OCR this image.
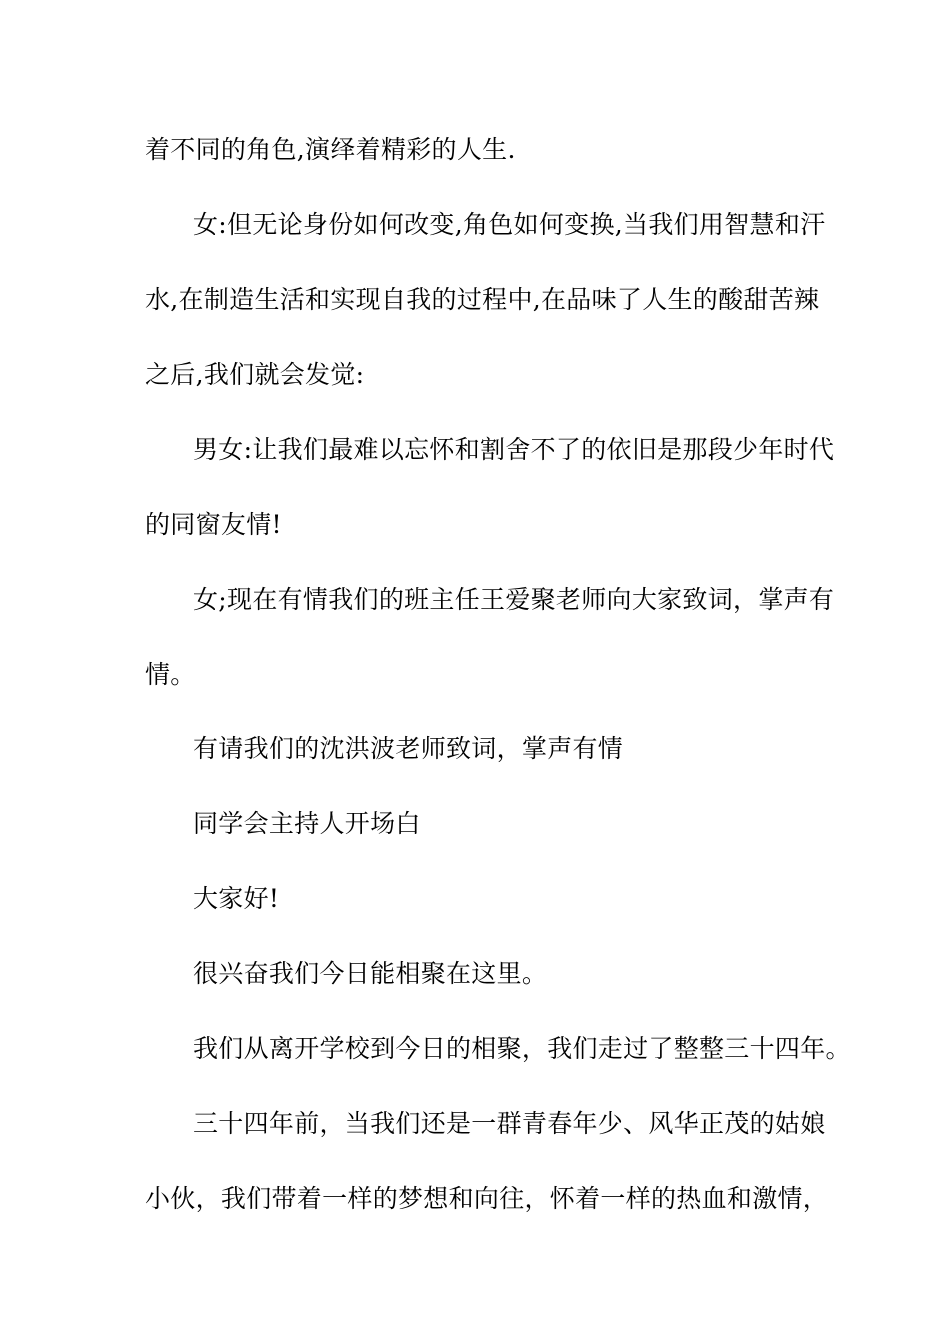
着不同的角色,演绎着精彩的人生.
女:但无论身份如何改变,角色如何变换,当我们用智慧和汗
水,在制造生活和实现自我的过程中,在品味了人生的酸甜苦辣
之后,我们就会发觉:
男女:让我们最难以忘怀和割舍不了的依旧是那段少年时代
的同窗友情!
女;现在有情我们的班主任王爱聚老师向大家致词，掌声有
情。
有请我们的沈洪波老师致词，掌声有情
同学会主持人开场白
大家好!
很兴奋我们今日能相聚在这里。
我们从离开学校到今日的相聚，我们走过了整整三十四年。
三十四年前，当我们还是一群青春年少、风华正茂的姑娘
小伙，我们带着一样的梦想和向往，怀着一样的热血和激情，
